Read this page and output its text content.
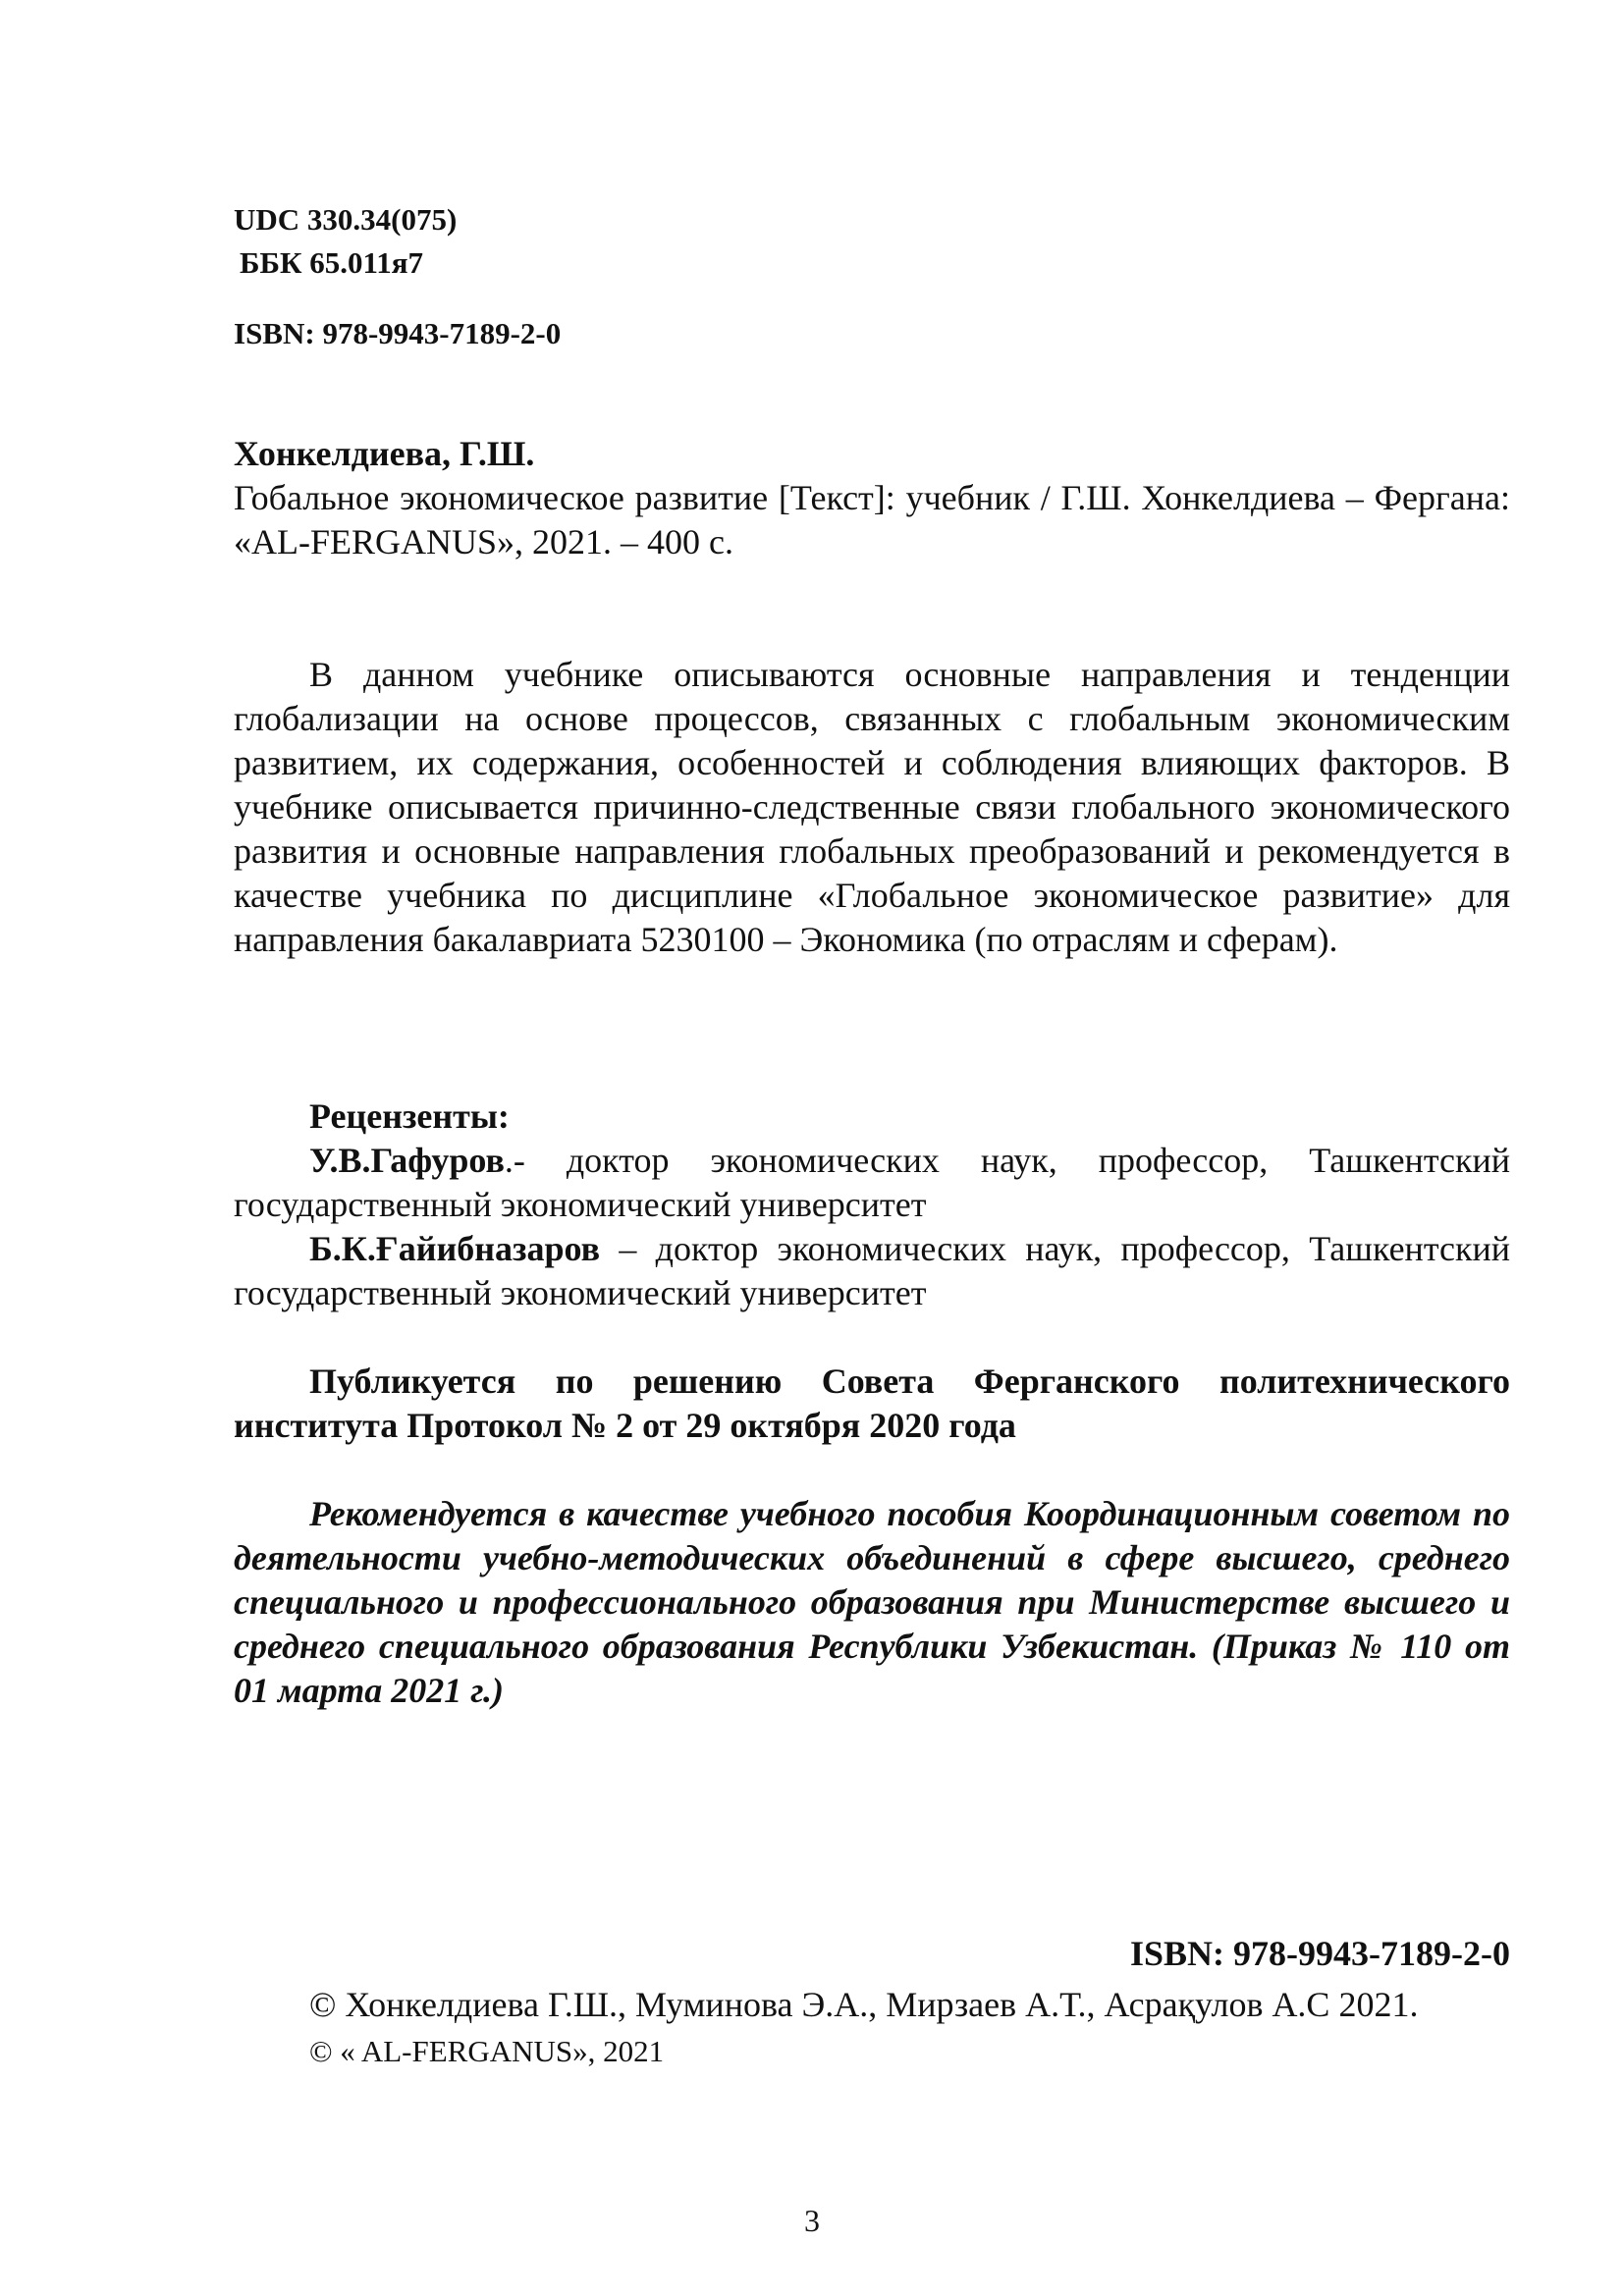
UDC 330.34(075)
ББК 65.011я7
ISBN: 978-9943-7189-2-0
Хонкелдиева, Г.Ш.
Гобальное экономическое развитие [Текст]: учебник / Г.Ш. Хонкелдиева – Фергана: «AL-FERGANUS», 2021. – 400 с.
В данном учебнике описываются основные направления и тенденции глобализации на основе процессов, связанных с глобальным экономическим развитием, их содержания, особенностей и соблюдения влияющих факторов. В учебнике описывается причинно-следственные связи глобального экономического развития и основные направления глобальных преобразований и рекомендуется в качестве учебника по дисциплине «Глобальное экономическое развитие» для направления бакалавриата 5230100 – Экономика (по отраслям и сферам).
Рецензенты:
У.В.Гафуров.- доктор экономических наук, профессор, Ташкентский государственный экономический университет
Б.К.Ғайибназаров – доктор экономических наук, профессор, Ташкентский государственный экономический университет
Публикуется по решению Совета Ферганского политехнического института Протокол № 2 от 29 октября 2020 года
Рекомендуется в качестве учебного пособия Координационным советом по деятельности учебно-методических объединений в сфере высшего, среднего специального и профессионального образования при Министерстве высшего и среднего специального образования Республики Узбекистан. (Приказ № 110 от 01 марта 2021 г.)
ISBN: 978-9943-7189-2-0
© Хонкелдиева Г.Ш., Муминова Э.А., Мирзаев А.Т., Асрақулов А.С 2021.
© « AL-FERGANUS», 2021
3
